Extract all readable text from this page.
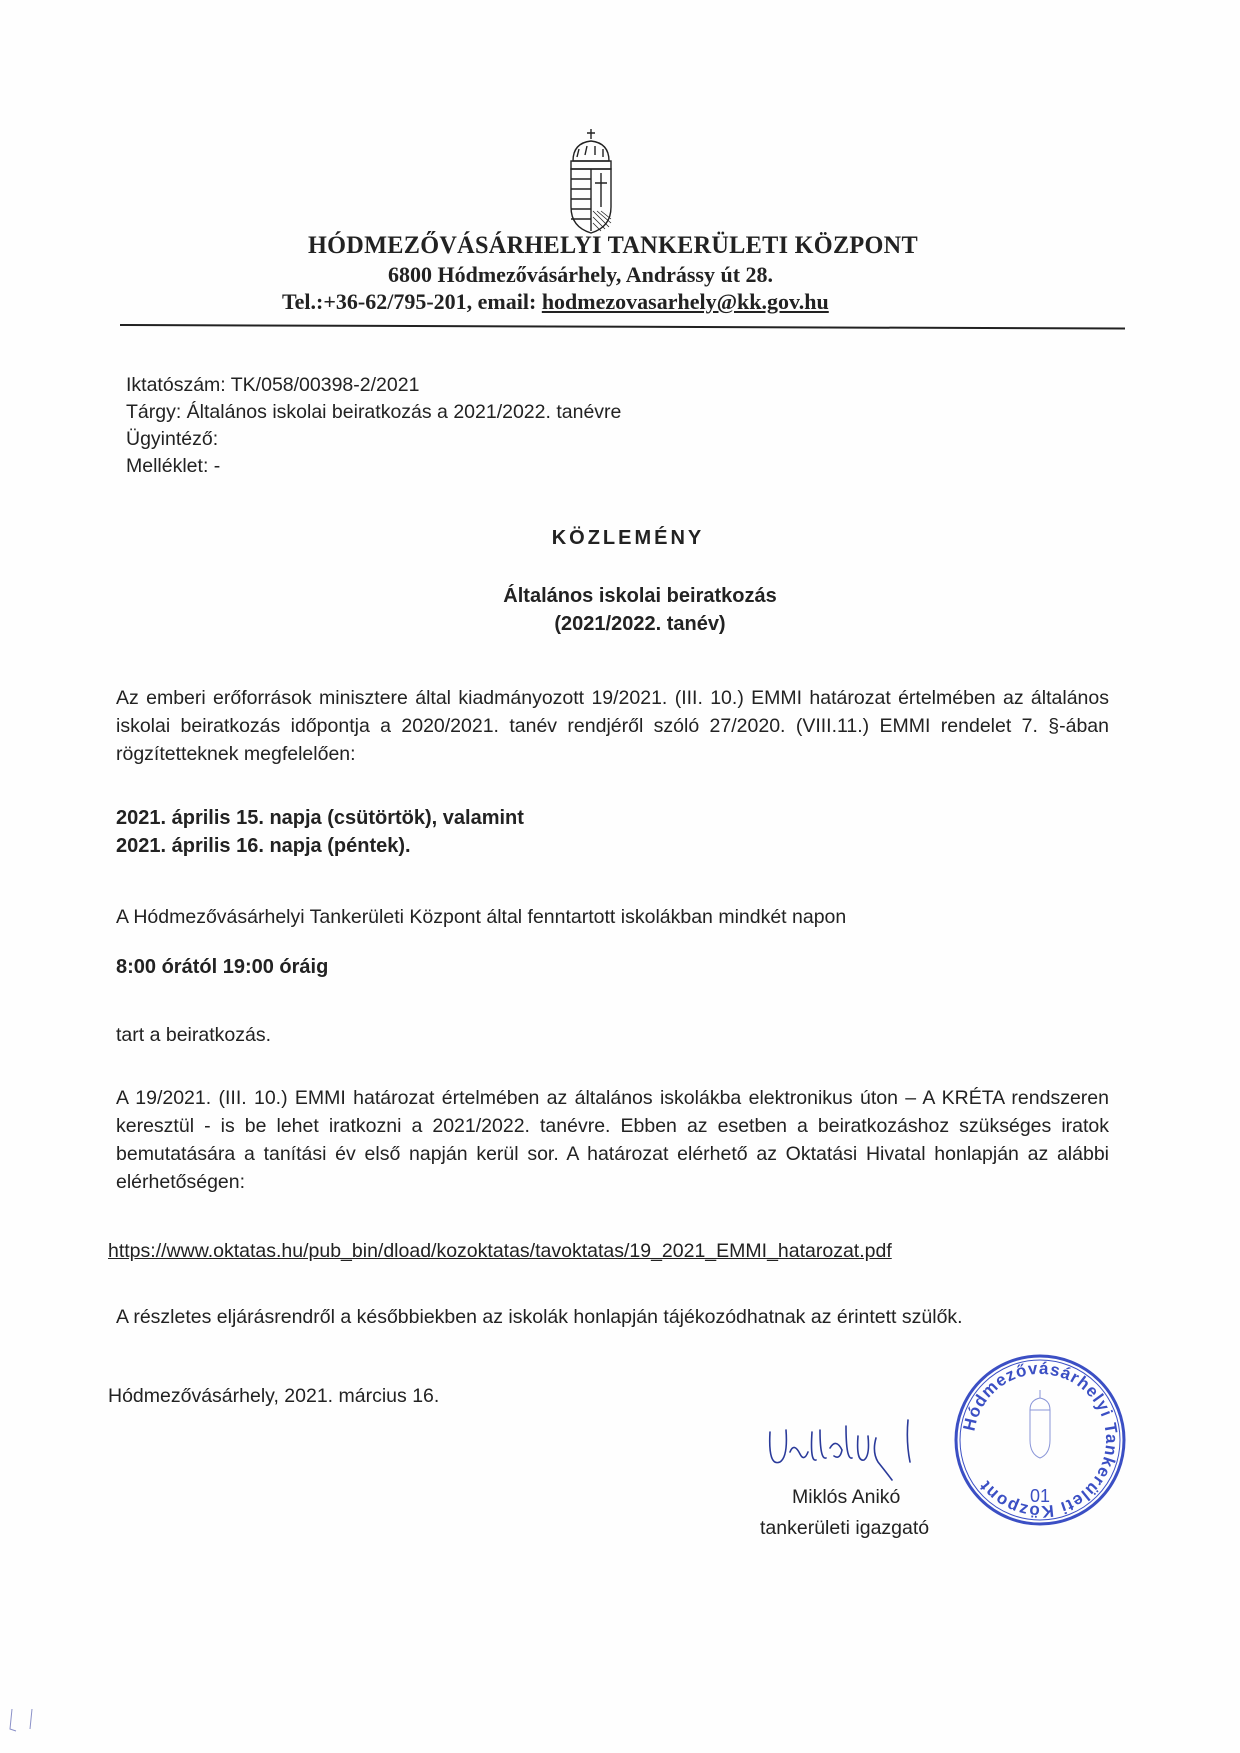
HÓDMEZŐVÁSÁRHELYI TANKERÜLETI KÖZPONT
6800 Hódmezővásárhely, Andrássy út 28.
Tel.:+36-62/795-201, email: hodmezovasarhely@kk.gov.hu
Iktatószám: TK/058/00398-2/2021
Tárgy: Általános iskolai beiratkozás a 2021/2022. tanévre
Ügyintéző:
Melléklet: -
KÖZLEMÉNY
Általános iskolai beiratkozás
(2021/2022. tanév)
Az emberi erőforrások minisztere által kiadmányozott 19/2021. (III. 10.) EMMI határozat értelmében az általános iskolai beiratkozás időpontja a 2020/2021. tanév rendjéről szóló 27/2020. (VIII.11.) EMMI rendelet 7. §-ában rögzítetteknek megfelelően:
2021. április 15. napja (csütörtök), valamint
2021. április 16. napja (péntek).
A Hódmezővásárhelyi Tankerületi Központ által fenntartott iskolákban mindkét napon
8:00 órától 19:00 óráig
tart a beiratkozás.
A 19/2021. (III. 10.) EMMI határozat értelmében az általános iskolákba elektronikus úton – A KRÉTA rendszeren keresztül - is be lehet iratkozni a 2021/2022. tanévre. Ebben az esetben a beiratkozáshoz szükséges iratok bemutatására a tanítási év első napján kerül sor. A határozat elérhető az Oktatási Hivatal honlapján az alábbi elérhetőségen:
https://www.oktatas.hu/pub_bin/dload/kozoktatas/tavoktatas/19_2021_EMMI_hatarozat.pdf
A részletes eljárásrendről a későbbiekben az iskolák honlapján tájékozódhatnak az érintett szülők.
Hódmezővásárhely, 2021. március 16.
Miklós Anikó
tankerületi igazgató
Hódmezővásárhelyi Tankerületi Központ
01
